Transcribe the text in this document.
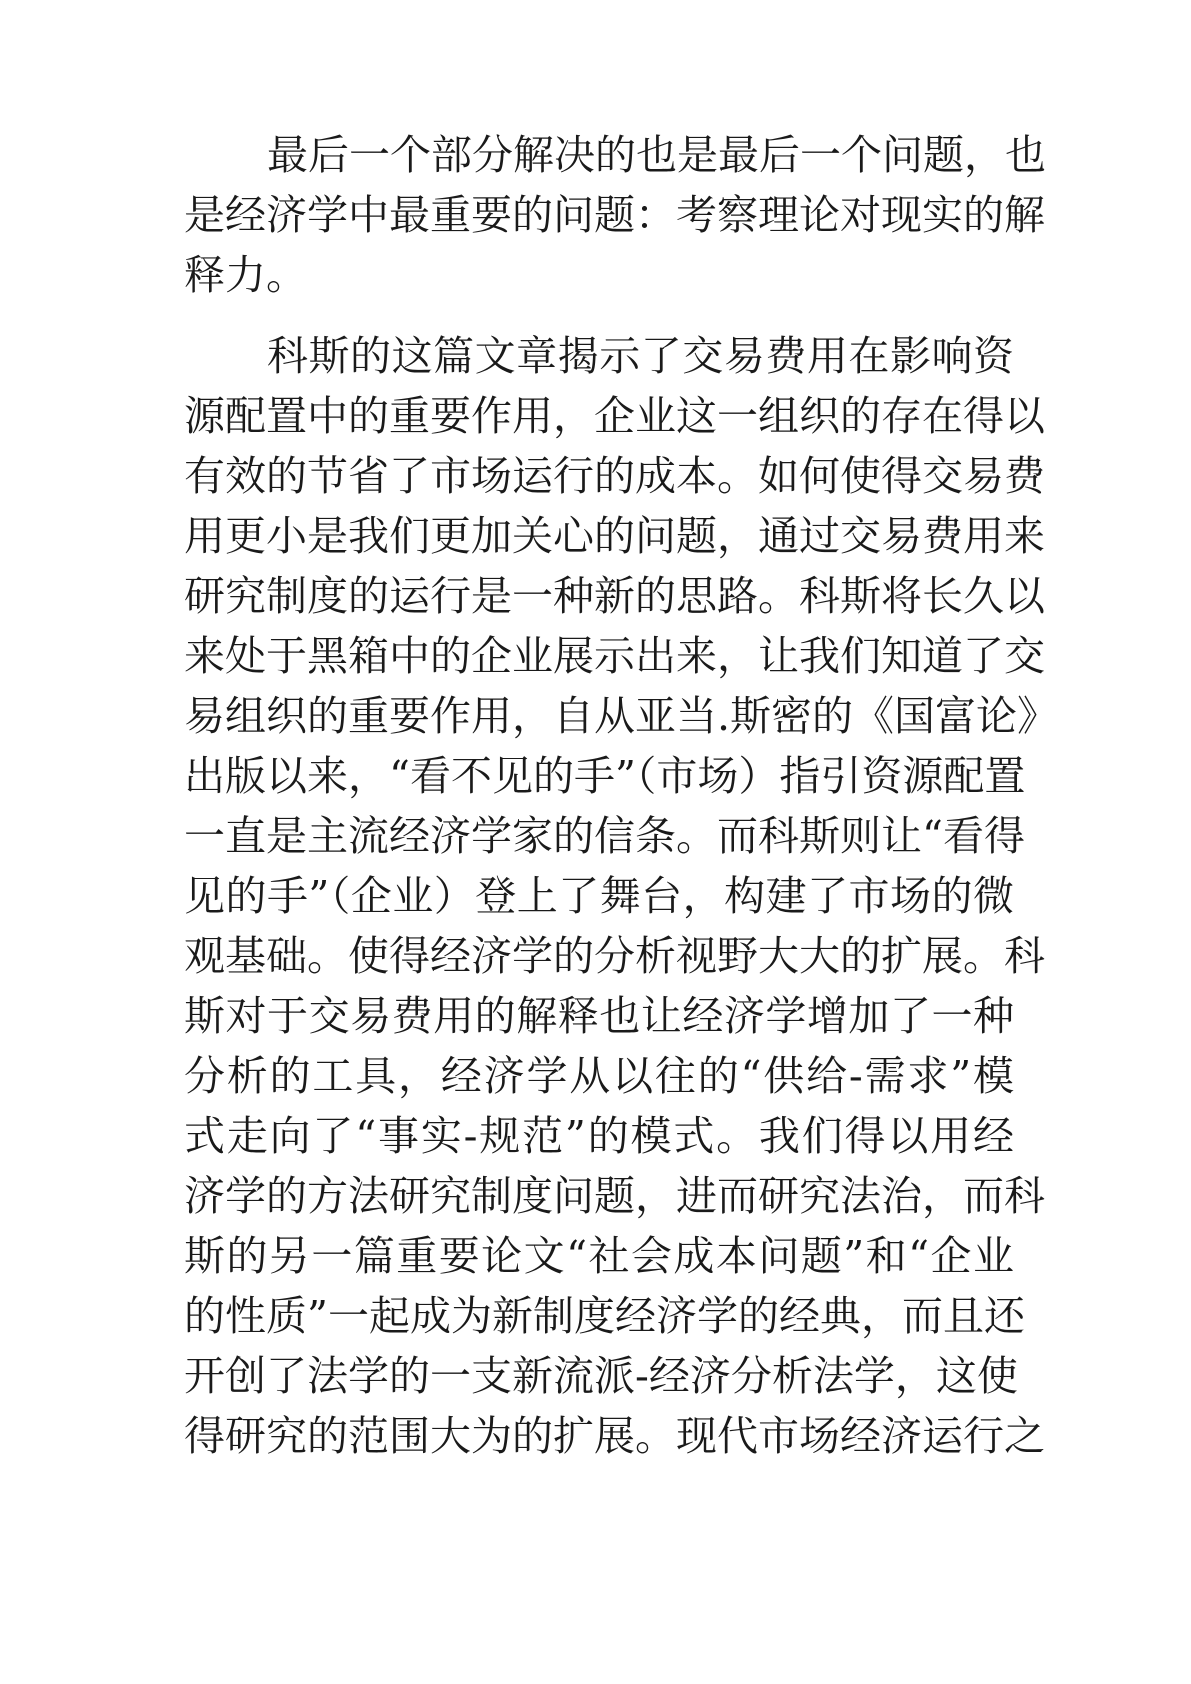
最后一个部分解决的也是最后一个问题，也
是经济学中最重要的问题：考察理论对现实的解
释力。
科斯的这篇文章揭示了交易费用在影响资
源配置中的重要作用，企业这一组织的存在得以
有效的节省了市场运行的成本。如何使得交易费
用更小是我们更加关心的问题，通过交易费用来
研究制度的运行是一种新的思路。科斯将长久以
来处于黑箱中的企业展示出来，让我们知道了交
易组织的重要作用，自从亚当.斯密的《国富论》
出版以来，“看不见的手”（市场）指引资源配置
一直是主流经济学家的信条。而科斯则让“看得
见的手”（企业）登上了舞台，构建了市场的微
观基础。使得经济学的分析视野大大的扩展。科
斯对于交易费用的解释也让经济学增加了一种
分析的工具，经济学从以往的“供给-需求”模
式走向了“事实-规范”的模式。我们得以用经
济学的方法研究制度问题，进而研究法治，而科
斯的另一篇重要论文“社会成本问题”和“企业
的性质”一起成为新制度经济学的经典，而且还
开创了法学的一支新流派-经济分析法学，这使
得研究的范围大为的扩展。现代市场经济运行之
